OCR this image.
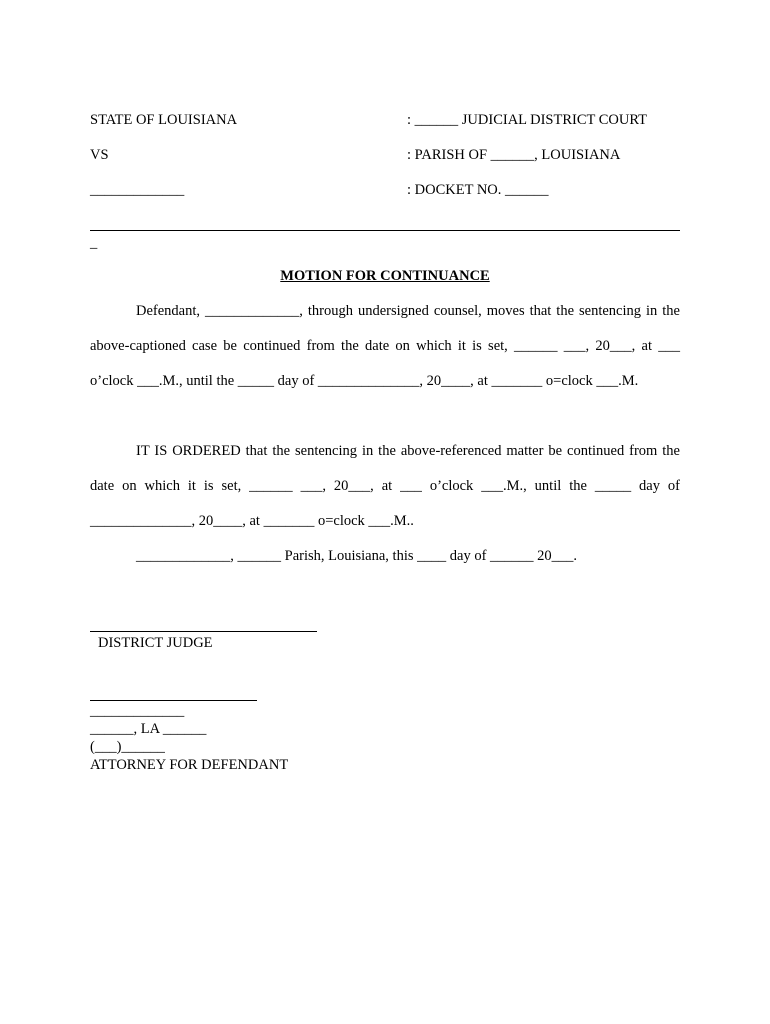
STATE OF LOUISIANA	: ______ JUDICIAL DISTRICT COURT
VS	: PARISH OF ______, LOUISIANA
_____________	: DOCKET NO. ______
_
MOTION FOR CONTINUANCE
Defendant, _____________, through undersigned counsel, moves that the sentencing in the above-captioned case be continued from the date on which it is set, ______ ___, 20___, at ___ o’clock ___.M., until the _____ day of ______________, 20____, at _______ o=clock ___.M.
IT IS ORDERED that the sentencing in the above-referenced matter be continued from the date on which it is set, ______ ___, 20___, at ___ o’clock ___.M., until the _____ day of ______________, 20____, at _______ o=clock ___.M..
_____________, ______ Parish, Louisiana, this ____ day of ______ 20___.
DISTRICT JUDGE
_____________
______, LA ______
(___)______
ATTORNEY FOR DEFENDANT
